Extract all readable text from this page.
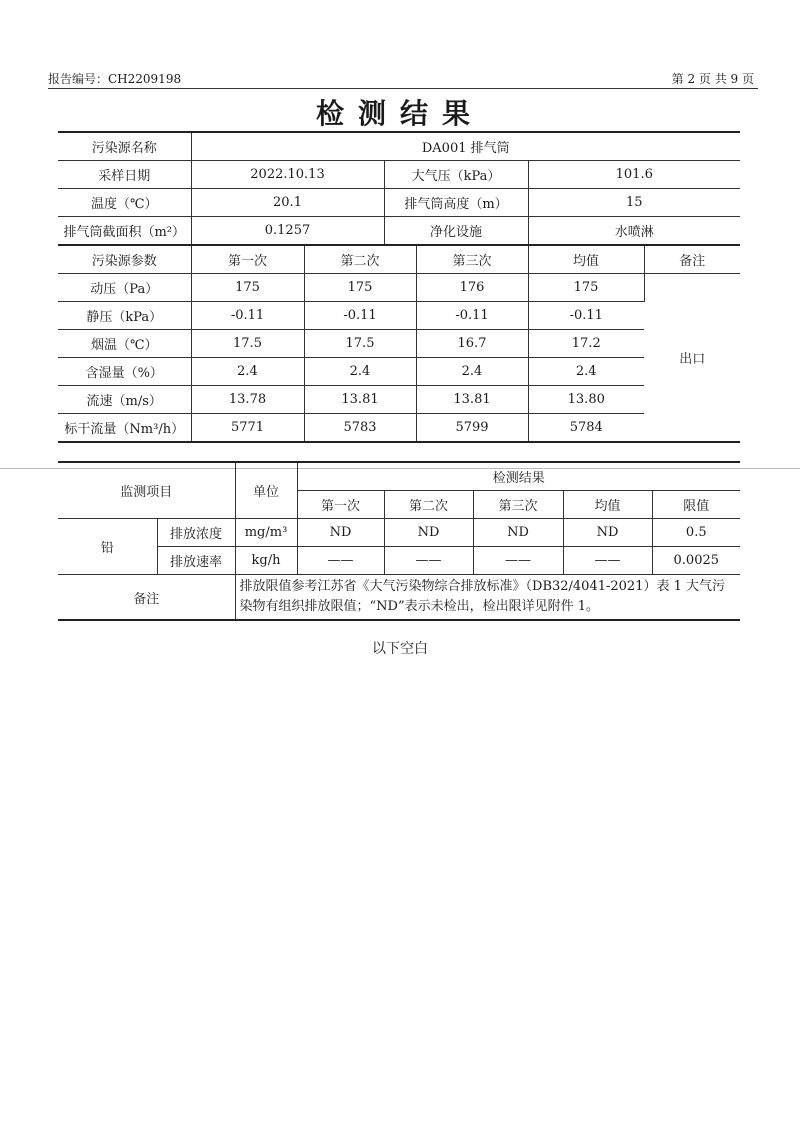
报告编号：CH2209198	第 2 页 共 9 页
检测结果
污染源名称	DA001 排气筒					
采样日期	2022.10.13		大气压（kPa）		101.6	
温度（℃）	20.1		排气筒高度（m）		15	
排气筒截面积（m²）	0.1257		净化设施		水喷淋	
污染源参数	第一次	第二次		第三次	均值	备注
动压（Pa）	175	175		176	175	出口
静压（kPa）	-0.11	-0.11		-0.11	-0.11	
烟温（℃）	17.5	17.5		16.7	17.2	
含湿量（%）	2.4	2.4		2.4	2.4	
流速（m/s）	13.78	13.81		13.81	13.80	
标干流量（Nm³/h）	5771	5783		5799	5784	
监测项目		单位	检测结果				
			第一次	第二次	第三次	均值	限值
铅	排放浓度	mg/m³	ND	ND	ND	ND	0.5
	排放速率	kg/h	——	——	——	——	0.0025
备注		排放限值参考江苏省《大气污染物综合排放标准》（DB32/4041-2021）表 1 大气污染物有组织排放限值；“ND”表示未检出，检出限详见附件 1。					
以下空白
